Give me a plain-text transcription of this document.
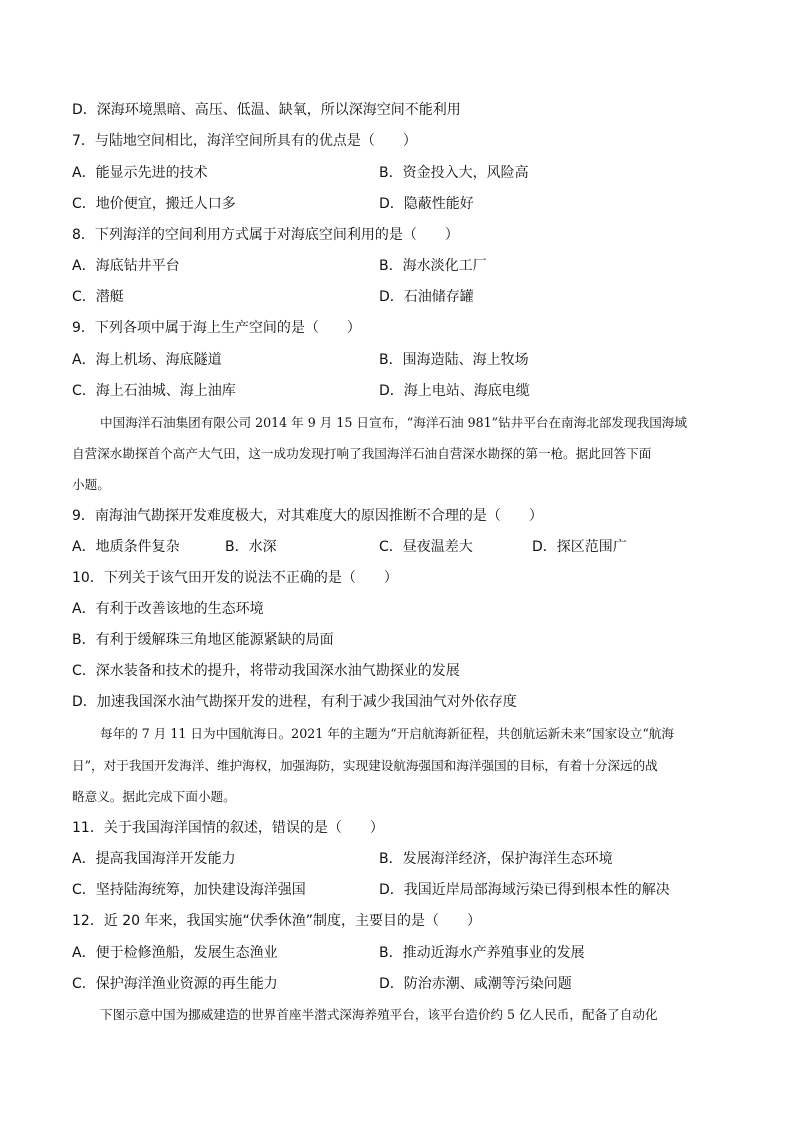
D．深海环境黑暗、高压、低温、缺氧，所以深海空间不能利用
7．与陆地空间相比，海洋空间所具有的优点是（　　）
A．能显示先进的技术	B．资金投入大，风险高
C．地价便宜，搬迁人口多	D．隐蔽性能好
8．下列海洋的空间利用方式属于对海底空间利用的是（　　）
A．海底钻井平台	B．海水淡化工厂
C．潜艇	D．石油储存罐
9．下列各项中属于海上生产空间的是（　　）
A．海上机场、海底隧道	B．围海造陆、海上牧场
C．海上石油城、海上油库	D．海上电站、海底电缆
中国海洋石油集团有限公司 2014 年 9 月 15 日宣布，“海洋石油 981”钻井平台在南海北部发现我国海域
自营深水勘探首个高产大气田，这一成功发现打响了我国海洋石油自营深水勘探的第一枪。据此回答下面
小题。
9．南海油气勘探开发难度极大，对其难度大的原因推断不合理的是（　　）
A．地质条件复杂	B．水深	C．昼夜温差大	D．探区范围广
10．下列关于该气田开发的说法不正确的是（　　）
A．有利于改善该地的生态环境
B．有利于缓解珠三角地区能源紧缺的局面
C．深水装备和技术的提升，将带动我国深水油气勘探业的发展
D．加速我国深水油气勘探开发的进程，有利于减少我国油气对外依存度
每年的 7 月 11 日为中国航海日。2021 年的主题为“开启航海新征程，共创航运新未来”国家设立“航海
日”，对于我国开发海洋、维护海权，加强海防，实现建设航海强国和海洋强国的目标，有着十分深远的战
略意义。据此完成下面小题。
11．关于我国海洋国情的叙述，错误的是（　　）
A．提高我国海洋开发能力	B．发展海洋经济，保护海洋生态环境
C．坚持陆海统筹，加快建设海洋强国	D．我国近岸局部海域污染已得到根本性的解决
12．近 20 年来，我国实施“伏季休渔”制度，主要目的是（　　）
A．便于检修渔船，发展生态渔业	B．推动近海水产养殖事业的发展
C．保护海洋渔业资源的再生能力	D．防治赤潮、咸潮等污染问题
下图示意中国为挪威建造的世界首座半潜式深海养殖平台，该平台造价约 5 亿人民币，配备了自动化
